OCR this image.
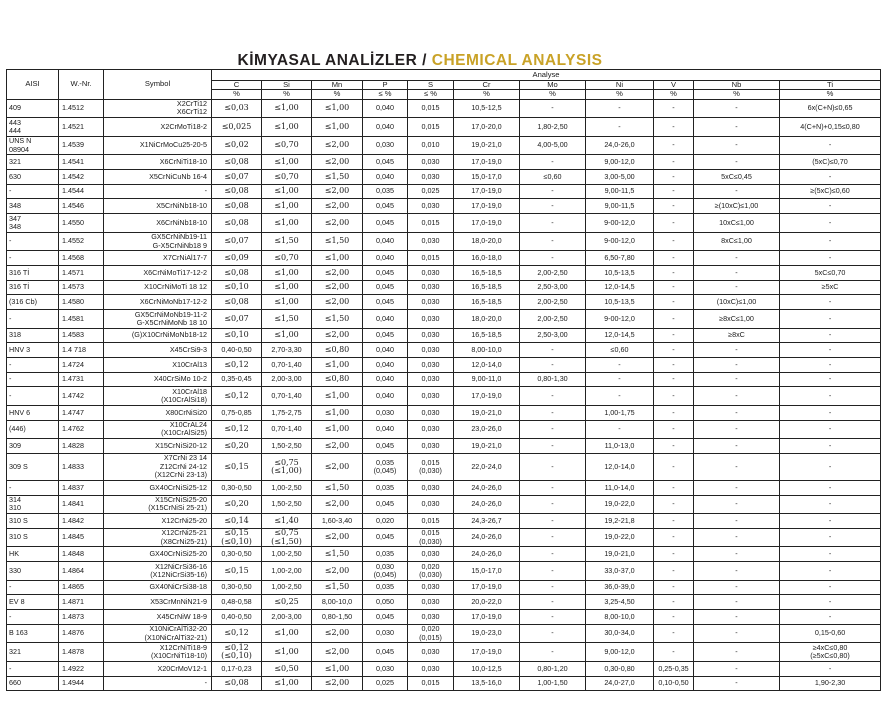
KİMYASAL ANALİZLER / CHEMICAL ANALYSIS
AISI	W.-Nr.	Symbol	Analyse										
			C	Si	Mn	P	S	Cr	Mo	Ni	V	Nb	Ti
			%	%	%	≤ %	≤ %	%	%	%	%	%	%

409	1.4512	X2CrTi12
X6CrTi12	≤0,03	≤1,00	≤1,00	0,040	0,015	10,5-12,5	-	-	-	-	6x(C+N)≤0,65

443
444	1.4521	X2CrMoTi18-2	≤0,025	≤1,00	≤1,00	0,040	0,015	17,0-20,0	1,80-2,50	-	-	-	4(C+N)+0,15≤0,80

UNS N
08904	1.4539	X1NiCrMoCu25-20-5	≤0,02	≤0,70	≤2,00	0,030	0,010	19,0-21,0	4,00-5,00	24,0-26,0	-	-	-

321	1.4541	X6CrNiTi18-10	≤0,08	≤1,00	≤2,00	0,045	0,030	17,0-19,0	-	9,00-12,0	-	-	(5xC)≤0,70

630	1.4542	X5CrNiCuNb 16-4	≤0,07	≤0,70	≤1,50	0,040	0,030	15,0-17,0	≤0,60	3,00-5,00	-	5xC≤0,45	-

-	1.4544	-	≤0,08	≤1,00	≤2,00	0,035	0,025	17,0-19,0	-	9,00-11,5	-	-	≥(5xC)≤0,60

348	1.4546	X5CrNiNb18-10	≤0,08	≤1,00	≤2,00	0,045	0,030	17,0-19,0	-	9,00-11,5	-	≥(10xC)≤1,00	-

347
348	1.4550	X6CrNiNb18-10	≤0,08	≤1,00	≤2,00	0,045	0,015	17,0-19,0	-	9-00-12,0	-	10xC≤1,00	-

-	1.4552	GX5CrNiNb19-11
G-X5CrNiNb18 9	≤0,07	≤1,50	≤1,50	0,040	0,030	18,0-20,0	-	9-00-12,0	-	8xC≤1,00	-

-	1.4568	X7CrNiAl17-7	≤0,09	≤0,70	≤1,00	0,040	0,015	16,0-18,0	-	6,50-7,80	-	-	-

316 Tİ	1.4571	X6CrNiMoTi17-12-2	≤0,08	≤1,00	≤2,00	0,045	0,030	16,5-18,5	2,00-2,50	10,5-13,5	-	-	5xC≤0,70

316 Tİ	1.4573	X10CrNiMoTi 18 12	≤0,10	≤1,00	≤2,00	0,045	0,030	16,5-18,5	2,50-3,00	12,0-14,5	-	-	≥5xC

(316 Cb)	1.4580	X6CrNiMoNb17-12-2	≤0,08	≤1,00	≤2,00	0,045	0,030	16,5-18,5	2,00-2,50	10,5-13,5	-	(10xC)≤1,00	-

-	1.4581	GX5CrNiMoNb19-11-2
G-X5CrNiMoNb 18 10	≤0,07	≤1,50	≤1,50	0,040	0,030	18,0-20,0	2,00-2,50	9-00-12,0	-	≥8xC≤1,00	-

318	1.4583	(G)X10CrNiMoNb18-12	≤0,10	≤1,00	≤2,00	0,045	0,030	16,5-18,5	2,50-3,00	12,0-14,5	-	≥8xC	-

HNV 3	1.4 718	X45CrSi9-3	0,40-0,50	2,70-3,30	≤0,80	0,040	0,030	8,00-10,0	-	≤0,60	-	-	-

-	1.4724	X10CrAl13	≤0,12	0,70-1,40	≤1,00	0,040	0,030	12,0-14,0	-	-	-	-	-

-	1.4731	X40CrSiMo 10-2	0,35-0,45	2,00-3,00	≤0,80	0,040	0,030	9,00-11,0	0,80-1,30	-	-	-	-

-	1.4742	X10CrAl18
(X10CrAlSi18)	≤0,12	0,70-1,40	≤1,00	0,040	0,030	17,0-19,0	-	-	-	-	-

HNV 6	1.4747	X80CrNiSi20	0,75-0,85	1,75-2,75	≤1,00	0,030	0,030	19,0-21,0	-	1,00-1,75	-	-	-

(446)	1.4762	X10CrAL24
(X10CrAlSi25)	≤0,12	0,70-1,40	≤1,00	0,040	0,030	23,0-26,0	-	-	-	-	-

309	1.4828	X15CrNiSi20-12	≤0,20	1,50-2,50	≤2,00	0,045	0,030	19,0-21,0	-	11,0-13,0	-	-	-

309 S	1.4833	X7CrNi 23 14
Z12CrNi 24-12
(X12CrNi 23-13)	≤0,15	≤0,75
(≤1,00)	≤2,00	0,035
(0,045)	0,015
(0,030)	22,0-24,0	-	12,0-14,0	-	-	-

-	1.4837	GX40CrNiSi25-12	0,30-0,50	1,00-2,50	≤1,50	0,035	0,030	24,0-26,0	-	11,0-14,0	-	-	-

314
310	1.4841	X15CrNiSi25-20
(X15CrNiSi 25-21)	≤0,20	1,50-2,50	≤2,00	0,045	0,030	24,0-26,0	-	19,0-22,0	-	-	-

310 S	1.4842	X12CrNi25-20	≤0,14	≤1,40	1,60-3,40	0,020	0,015	24,3-26,7	-	19,2-21,8	-	-	-

310 S	1.4845	X12CrNi25-21
(X8CrNi25-21)	≤0,15
(≤0,10)	≤0,75
(≤1,50)	≤2,00	0,045	0,015
(0,030)	24,0-26,0	-	19,0-22,0	-	-	-

HK	1.4848	GX40CrNiSi25-20	0,30-0,50	1,00-2,50	≤1,50	0,035	0,030	24,0-26,0	-	19,0-21,0	-	-	-

330	1.4864	X12NiCrSi36-16
(X12NiCrSi35-16)	≤0,15	1,00-2,00	≤2,00	0,030
(0,045)	0,020
(0,030)	15,0-17,0	-	33,0-37,0	-	-	-

-	1.4865	GX40NiCrSi38-18	0,30-0,50	1,00-2,50	≤1,50	0,035	0,030	17,0-19,0	-	36,0-39,0	-	-	-

EV 8	1.4871	X53CrMnNiN21-9	0,48-0,58	≤0,25	8,00-10,0	0,050	0,030	20,0-22,0	-	3,25-4,50	-	-	-

-	1.4873	X45CrNiW 18-9	0,40-0,50	2,00-3,00	0,80-1,50	0,045	0,030	17,0-19,0	-	8,00-10,0	-	-	-

B 163	1.4876	X10NiCrAlTi32-20
(X10NiCrAlTi32-21)	≤0,12	≤1,00	≤2,00	0,030	0,020
(0,015)	19,0-23,0	-	30,0-34,0	-	-	0,15-0,60

321	1.4878	X12CrNiTi18-9
(X10CrNiTi18-10)	≤0,12
(≤0,10)	≤1,00	≤2,00	0,045	0,030	17,0-19,0	-	9,00-12,0	-	-	≥4xC≤0,80
(≥5xC≤0,80)

-	1.4922	X20CrMoV12-1	0,17-0,23	≤0,50	≤1,00	0,030	0,030	10,0-12,5	0,80-1,20	0,30-0,80	0,25-0,35	-	-

660	1.4944	-	≤0,08	≤1,00	≤2,00	0,025	0,015	13,5-16,0	1,00-1,50	24,0-27,0	0,10-0,50	-	1,90-2,30
